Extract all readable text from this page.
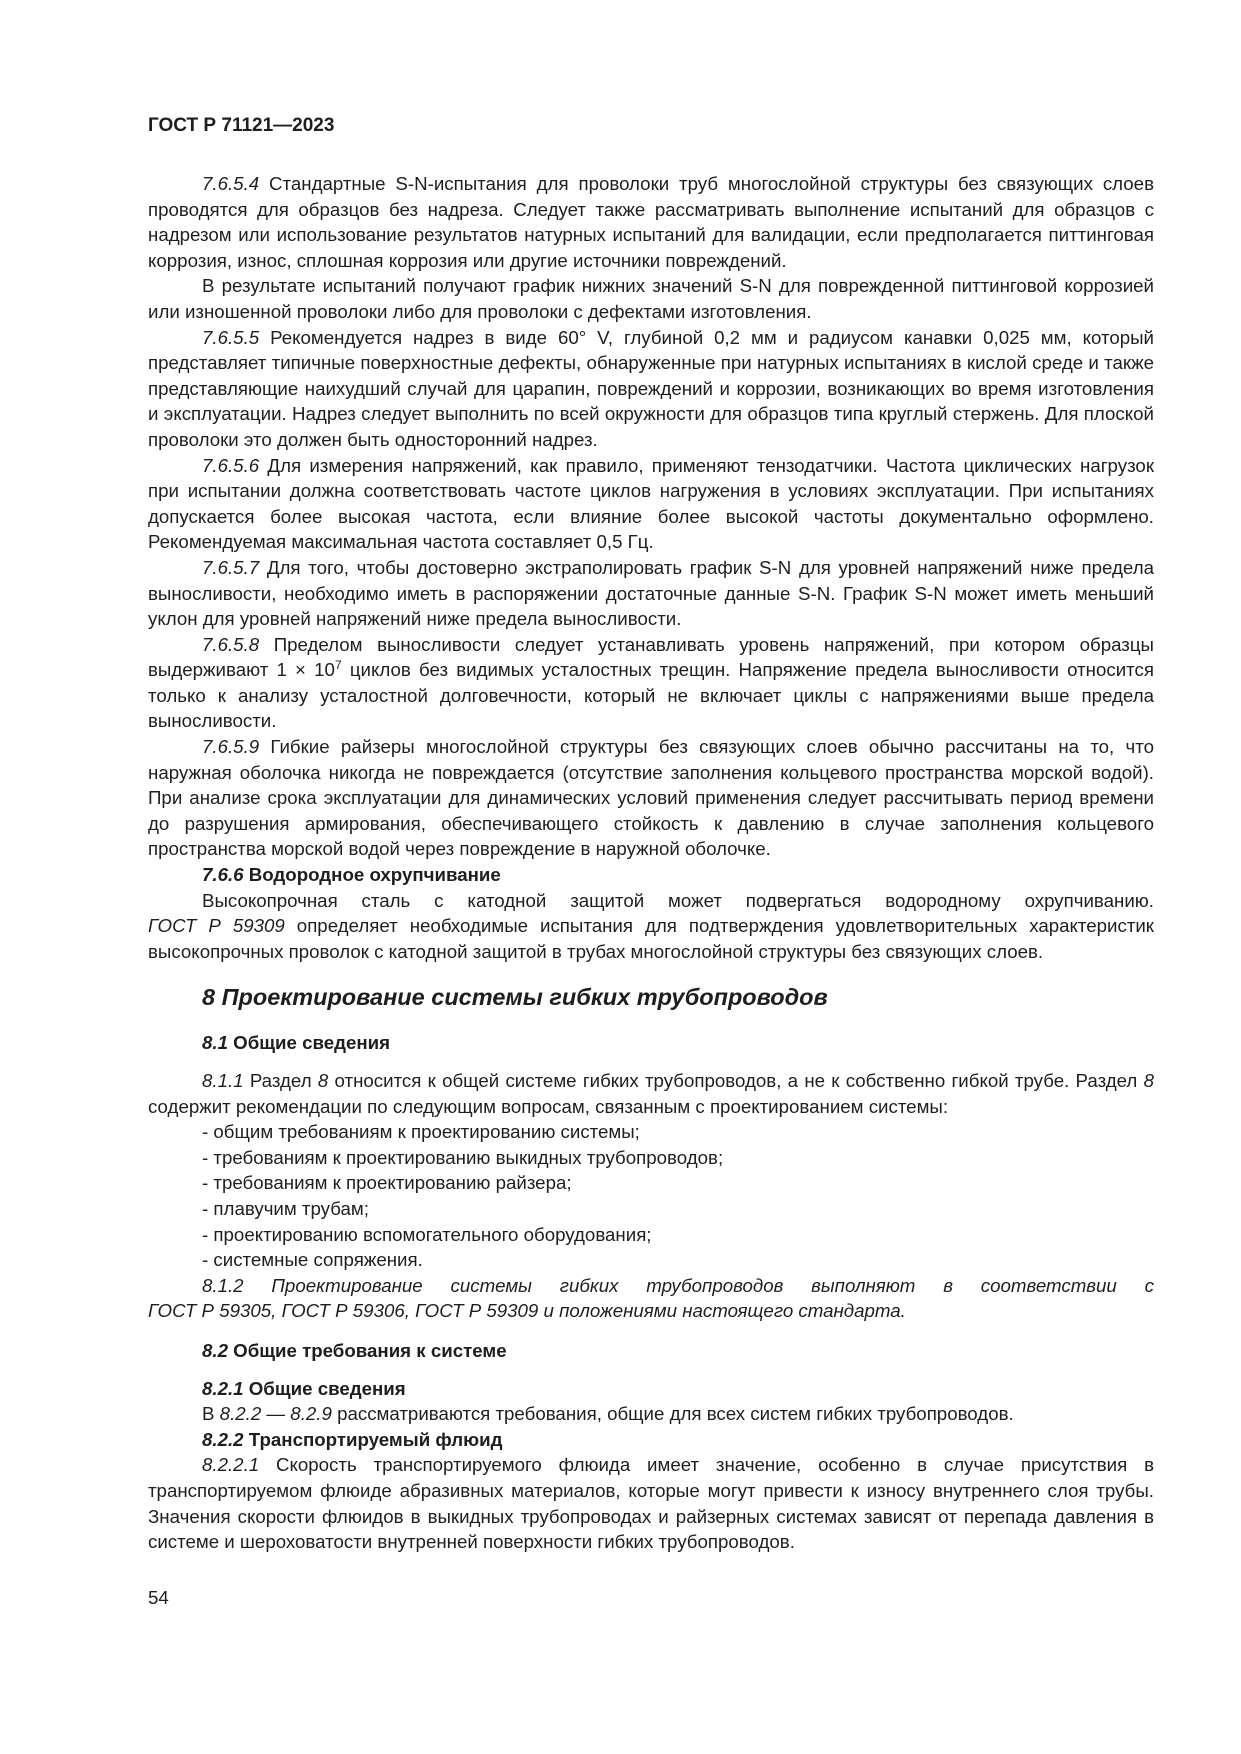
ГОСТ Р 71121—2023

7.6.5.4 Стандартные S-N-испытания для проволоки труб многослойной структуры без связующих слоев проводятся для образцов без надреза. Следует также рассматривать выполнение испытаний для образцов с надрезом или использование результатов натурных испытаний для валидации, если предполагается питтинговая коррозия, износ, сплошная коррозия или другие источники повреждений.

В результате испытаний получают график нижних значений S-N для поврежденной питтинговой коррозией или изношенной проволоки либо для проволоки с дефектами изготовления.

7.6.5.5 Рекомендуется надрез в виде 60° V, глубиной 0,2 мм и радиусом канавки 0,025 мм, который представляет типичные поверхностные дефекты, обнаруженные при натурных испытаниях в кислой среде и также представляющие наихудший случай для царапин, повреждений и коррозии, возникающих во время изготовления и эксплуатации. Надрез следует выполнить по всей окружности для образцов типа круглый стержень. Для плоской проволоки это должен быть односторонний надрез.

7.6.5.6 Для измерения напряжений, как правило, применяют тензодатчики. Частота циклических нагрузок при испытании должна соответствовать частоте циклов нагружения в условиях эксплуатации. При испытаниях допускается более высокая частота, если влияние более высокой частоты документально оформлено. Рекомендуемая максимальная частота составляет 0,5 Гц.

7.6.5.7 Для того, чтобы достоверно экстраполировать график S-N для уровней напряжений ниже предела выносливости, необходимо иметь в распоряжении достаточные данные S-N. График S-N может иметь меньший уклон для уровней напряжений ниже предела выносливости.

7.6.5.8 Пределом выносливости следует устанавливать уровень напряжений, при котором образцы выдерживают $1 \times 10^7$ циклов без видимых усталостных трещин. Напряжение предела выносливости относится только к анализу усталостной долговечности, который не включает циклы с напряжениями выше предела выносливости.

7.6.5.9 Гибкие райзеры многослойной структуры без связующих слоев обычно рассчитаны на то, что наружная оболочка никогда не повреждается (отсутствие заполнения кольцевого пространства морской водой). При анализе срока эксплуатации для динамических условий применения следует рассчитывать период времени до разрушения армирования, обеспечивающего стойкость к давлению в случае заполнения кольцевого пространства морской водой через повреждение в наружной оболочке.

7.6.6 Водородное охрупчивание

Высокопрочная сталь с катодной защитой может подвергаться водородному охрупчиванию.

ГОСТ Р 59309 определяет необходимые испытания для подтверждения удовлетворительных характеристик высокопрочных проволок с катодной защитой в трубах многослойной структуры без связующих слоев.

8 Проектирование системы гибких трубопроводов

8.1 Общие сведения

8.1.1 Раздел 8 относится к общей системе гибких трубопроводов, а не к собственно гибкой трубе. Раздел 8 содержит рекомендации по следующим вопросам, связанным с проектированием системы:

- общим требованиям к проектированию системы;

- требованиям к проектированию выкидных трубопроводов;

- требованиям к проектированию райзера;

- плавучим трубам;

- проектированию вспомогательного оборудования;

- системные сопряжения.

8.1.2 Проектирование системы гибких трубопроводов выполняют в соответствии с

ГОСТ Р 59305, ГОСТ Р 59306, ГОСТ Р 59309 и положениями настоящего стандарта.

8.2 Общие требования к системе

8.2.1 Общие сведения

В 8.2.2 — 8.2.9 рассматриваются требования, общие для всех систем гибких трубопроводов.

8.2.2 Транспортируемый флюид

8.2.2.1 Скорость транспортируемого флюида имеет значение, особенно в случае присутствия в транспортируемом флюиде абразивных материалов, которые могут привести к износу внутреннего слоя трубы. Значения скорости флюидов в выкидных трубопроводах и райзерных системах зависят от перепада давления в системе и шероховатости внутренней поверхности гибких трубопроводов.

54
